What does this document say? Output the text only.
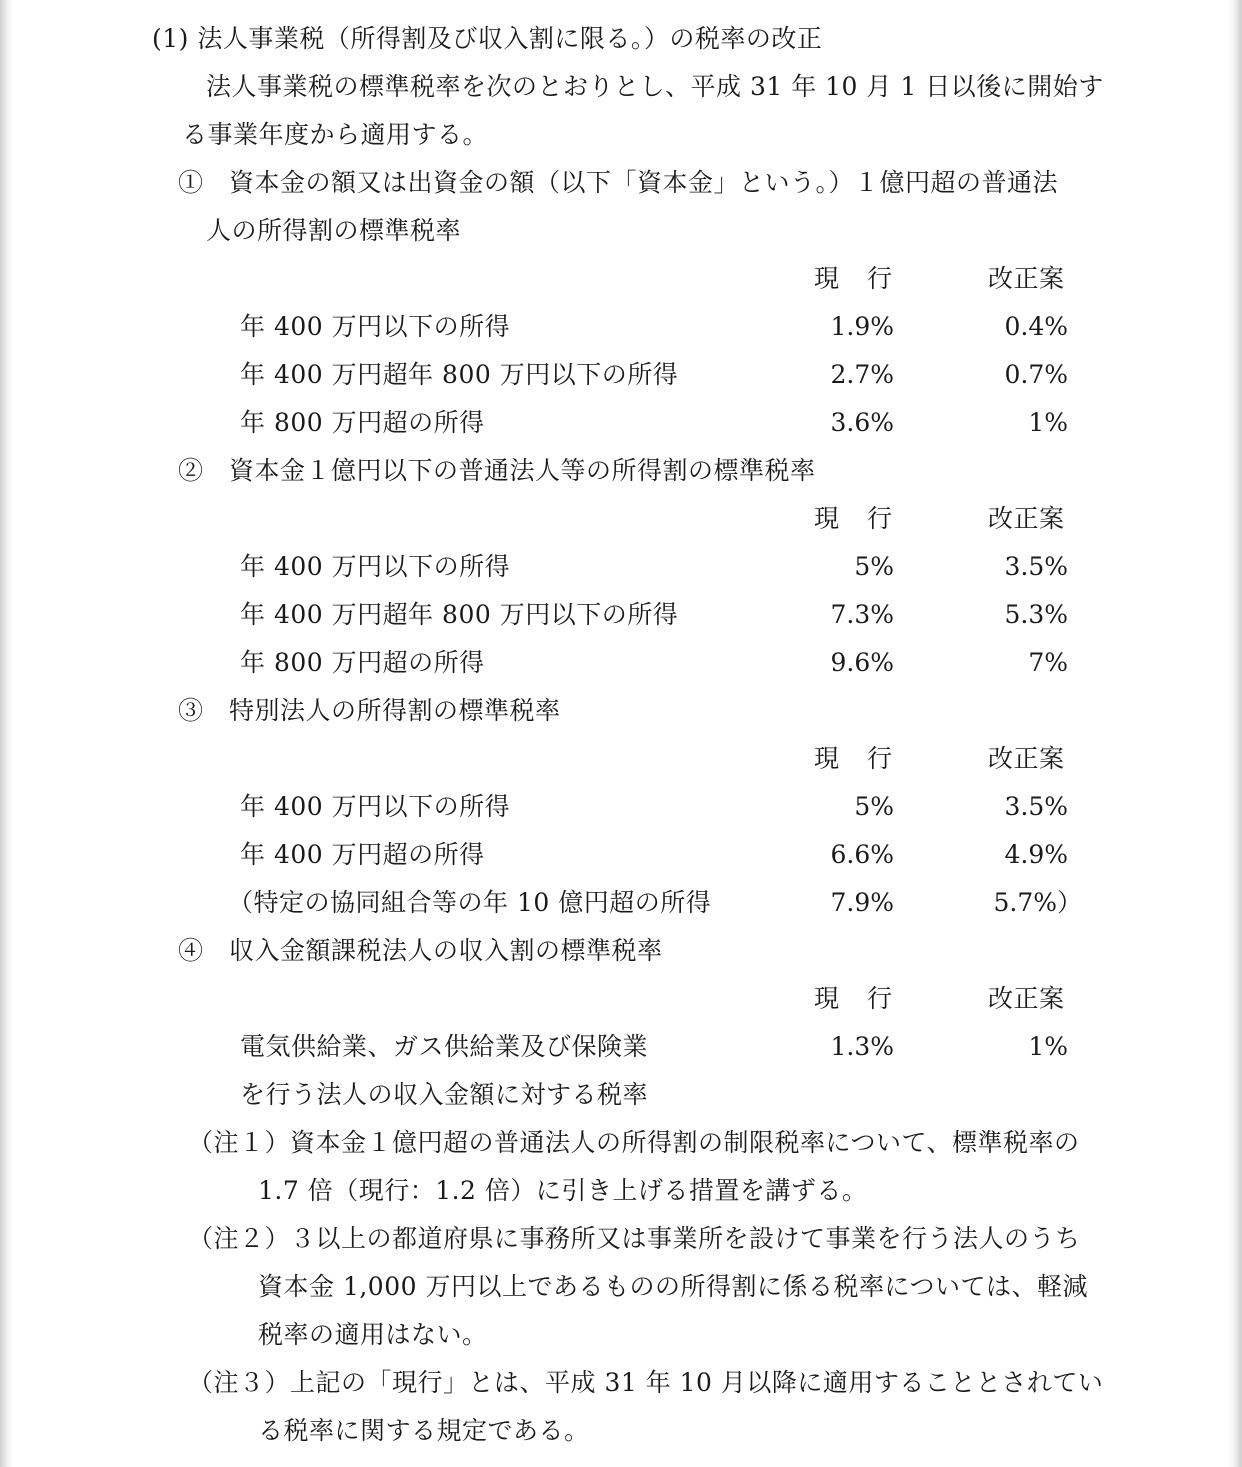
(1) 法人事業税（所得割及び収入割に限る。）の税率の改正
法人事業税の標準税率を次のとおりとし、平成 31 年 10 月 1 日以後に開始す
る事業年度から適用する。
①　資本金の額又は出資金の額（以下「資本金」という。）１億円超の普通法
人の所得割の標準税率
現 行	改正案
年 400 万円以下の所得	1.9%	0.4%
年 400 万円超年 800 万円以下の所得	2.7%	0.7%
年 800 万円超の所得	3.6%	1%
②　資本金１億円以下の普通法人等の所得割の標準税率
現 行	改正案
年 400 万円以下の所得	5%	3.5%
年 400 万円超年 800 万円以下の所得	7.3%	5.3%
年 800 万円超の所得	9.6%	7%
③　特別法人の所得割の標準税率
現 行	改正案
年 400 万円以下の所得	5%	3.5%
年 400 万円超の所得	6.6%	4.9%
（特定の協同組合等の年 10 億円超の所得	7.9%	5.7%）
④　収入金額課税法人の収入割の標準税率
現 行	改正案
電気供給業、ガス供給業及び保険業	1.3%	1%
を行う法人の収入金額に対する税率
（注１）資本金１億円超の普通法人の所得割の制限税率について、標準税率の
1.7 倍（現行：1.2 倍）に引き上げる措置を講ずる。
（注２）３以上の都道府県に事務所又は事業所を設けて事業を行う法人のうち
資本金 1,000 万円以上であるものの所得割に係る税率については、軽減
税率の適用はない。
（注３）上記の「現行」とは、平成 31 年 10 月以降に適用することとされてい
る税率に関する規定である。
